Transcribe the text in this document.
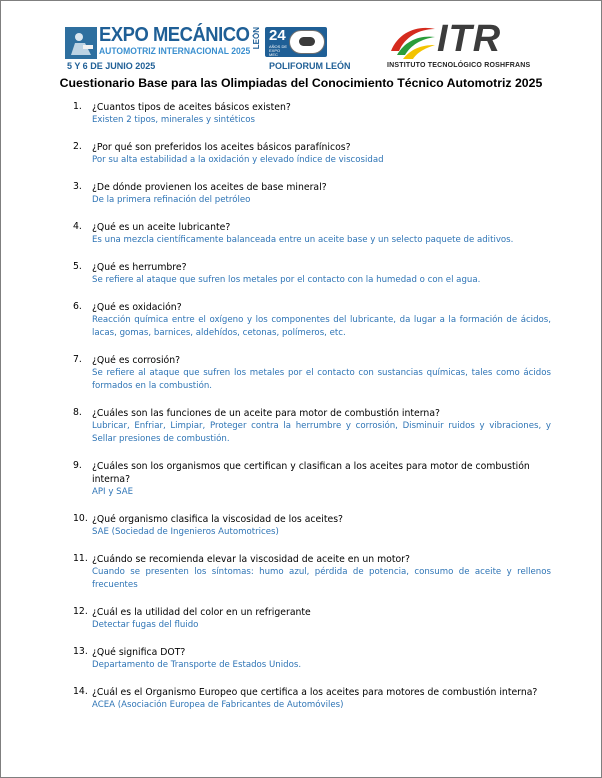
EXPO MECÁNICO
AUTOMOTRIZ INTERNACIONAL 2025
LEÓN 24
AÑOS DE EXPO MEC
5 Y 6 DE JUNIO 2025	POLIFORUM LEÓN
ITR
INSTITUTO TECNOLÓGICO ROSHFRANS
Cuestionario Base para las Olimpiadas del Conocimiento Técnico Automotriz 2025
1. ¿Cuantos tipos de aceites básicos existen?
Existen 2 tipos, minerales y sintéticos
2. ¿Por qué son preferidos los aceites básicos parafínicos?
Por su alta estabilidad a la oxidación y elevado índice de viscosidad
3. ¿De dónde provienen los aceites de base mineral?
De la primera refinación del petróleo
4. ¿Qué es un aceite lubricante?
Es una mezcla científicamente balanceada entre un aceite base y un selecto paquete de aditivos.
5. ¿Qué es herrumbre?
Se refiere al ataque que sufren los metales por el contacto con la humedad o con el agua.
6. ¿Qué es oxidación?
Reacción química entre el oxígeno y los componentes del lubricante, da lugar a la formación de ácidos, lacas, gomas, barnices, aldehídos, cetonas, polímeros, etc.
7. ¿Qué es corrosión?
Se refiere al ataque que sufren los metales por el contacto con sustancias químicas, tales como ácidos formados en la combustión.
8. ¿Cuáles son las funciones de un aceite para motor de combustión interna?
Lubricar, Enfriar, Limpiar, Proteger contra la herrumbre y corrosión, Disminuir ruidos y vibraciones, y Sellar presiones de combustión.
9. ¿Cuáles son los organismos que certifican y clasifican a los aceites para motor de combustión interna?
API y SAE
10. ¿Qué organismo clasifica la viscosidad de los aceites?
SAE (Sociedad de Ingenieros Automotrices)
11. ¿Cuándo se recomienda elevar la viscosidad de aceite en un motor?
Cuando se presenten los síntomas: humo azul, pérdida de potencia, consumo de aceite y rellenos frecuentes
12. ¿Cuál es la utilidad del color en un refrigerante
Detectar fugas del fluido
13. ¿Qué significa DOT?
Departamento de Transporte de Estados Unidos.
14. ¿Cuál es el Organismo Europeo que certifica a los aceites para motores de combustión interna?
ACEA (Asociación Europea de Fabricantes de Automóviles)
